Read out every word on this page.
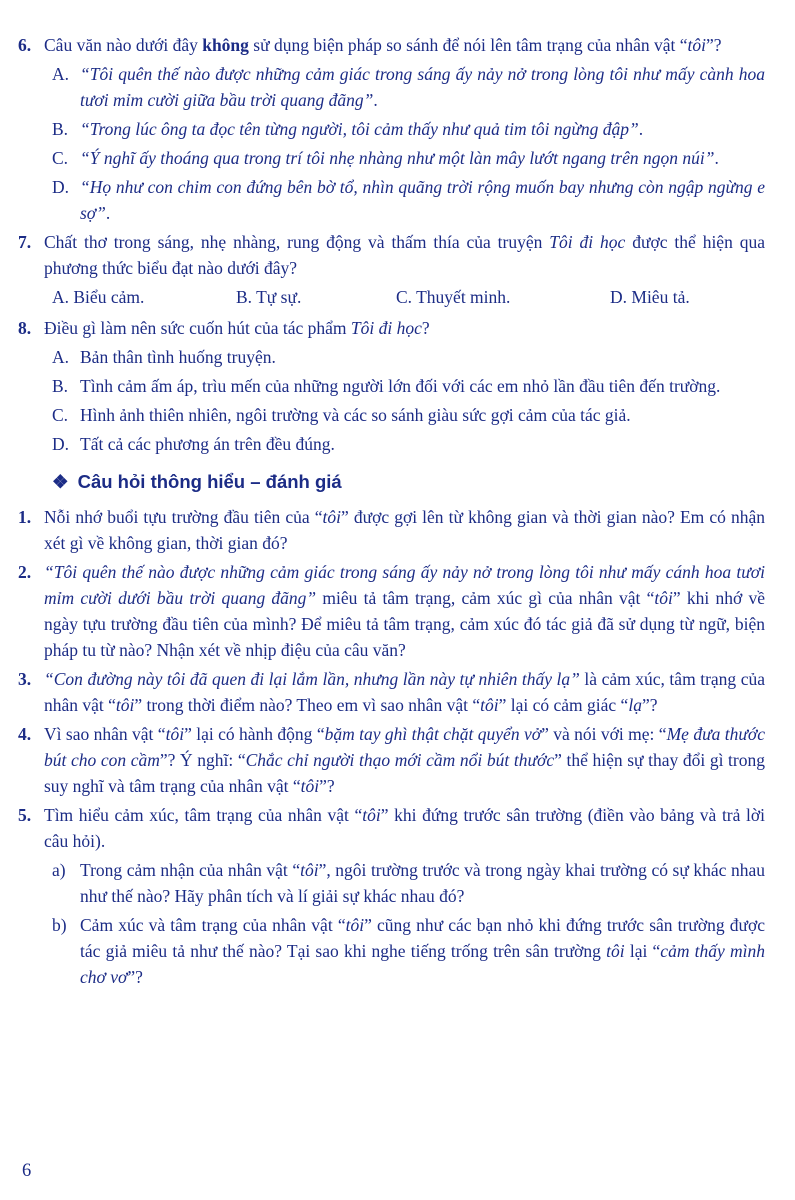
6. Câu văn nào dưới đây không sử dụng biện pháp so sánh để nói lên tâm trạng của nhân vật “tôi”?
A. “Tôi quên thế nào được những cảm giác trong sáng ấy nảy nở trong lòng tôi như mấy cành hoa tươi mỉm cười giữa bầu trời quang đãng”.
B. “Trong lúc ông ta đọc tên từng người, tôi cảm thấy như quả tim tôi ngừng đập”.
C. “Ý nghĩ ấy thoáng qua trong trí tôi nhẹ nhàng như một làn mây lướt ngang trên ngọn núi”.
D. “Họ như con chim con đứng bên bờ tổ, nhìn quãng trời rộng muốn bay nhưng còn ngập ngừng e sợ”.
7. Chất thơ trong sáng, nhẹ nhàng, rung động và thấm thía của truyện Tôi đi học được thể hiện qua phương thức biểu đạt nào dưới đây?
A. Biểu cảm.	B. Tự sự.	C. Thuyết minh.	D. Miêu tả.
8. Điều gì làm nên sức cuốn hút của tác phẩm Tôi đi học?
A. Bản thân tình huống truyện.
B. Tình cảm ấm áp, trìu mến của những người lớn đối với các em nhỏ lần đầu tiên đến trường.
C. Hình ảnh thiên nhiên, ngôi trường và các so sánh giàu sức gợi cảm của tác giả.
D. Tất cả các phương án trên đều đúng.
❖ Câu hỏi thông hiểu – đánh giá
1. Nỗi nhớ buổi tựu trường đầu tiên của “tôi” được gợi lên từ không gian và thời gian nào? Em có nhận xét gì về không gian, thời gian đó?
2. “Tôi quên thế nào được những cảm giác trong sáng ấy nảy nở trong lòng tôi như mấy cánh hoa tươi mỉm cười dưới bầu trời quang đãng” miêu tả tâm trạng, cảm xúc gì của nhân vật “tôi” khi nhớ về ngày tựu trường đầu tiên của mình? Để miêu tả tâm trạng, cảm xúc đó tác giả đã sử dụng từ ngữ, biện pháp tu từ nào? Nhận xét về nhịp điệu của câu văn?
3. “Con đường này tôi đã quen đi lại lắm lần, nhưng lần này tự nhiên thấy lạ” là cảm xúc, tâm trạng của nhân vật “tôi” trong thời điểm nào? Theo em vì sao nhân vật “tôi” lại có cảm giác “lạ”?
4. Vì sao nhân vật “tôi” lại có hành động “bặm tay ghì thật chặt quyển vở” và nói với mẹ: “Mẹ đưa thước bút cho con cầm”? Ý nghĩ: “Chắc chỉ người thạo mới cầm nổi bút thước” thể hiện sự thay đổi gì trong suy nghĩ và tâm trạng của nhân vật “tôi”?
5. Tìm hiểu cảm xúc, tâm trạng của nhân vật “tôi” khi đứng trước sân trường (điền vào bảng và trả lời câu hỏi).
a) Trong cảm nhận của nhân vật “tôi”, ngôi trường trước và trong ngày khai trường có sự khác nhau như thế nào? Hãy phân tích và lí giải sự khác nhau đó?
b) Cảm xúc và tâm trạng của nhân vật “tôi” cũng như các bạn nhỏ khi đứng trước sân trường được tác giả miêu tả như thế nào? Tại sao khi nghe tiếng trống trên sân trường tôi lại “cảm thấy mình chơ vơ”?
6
